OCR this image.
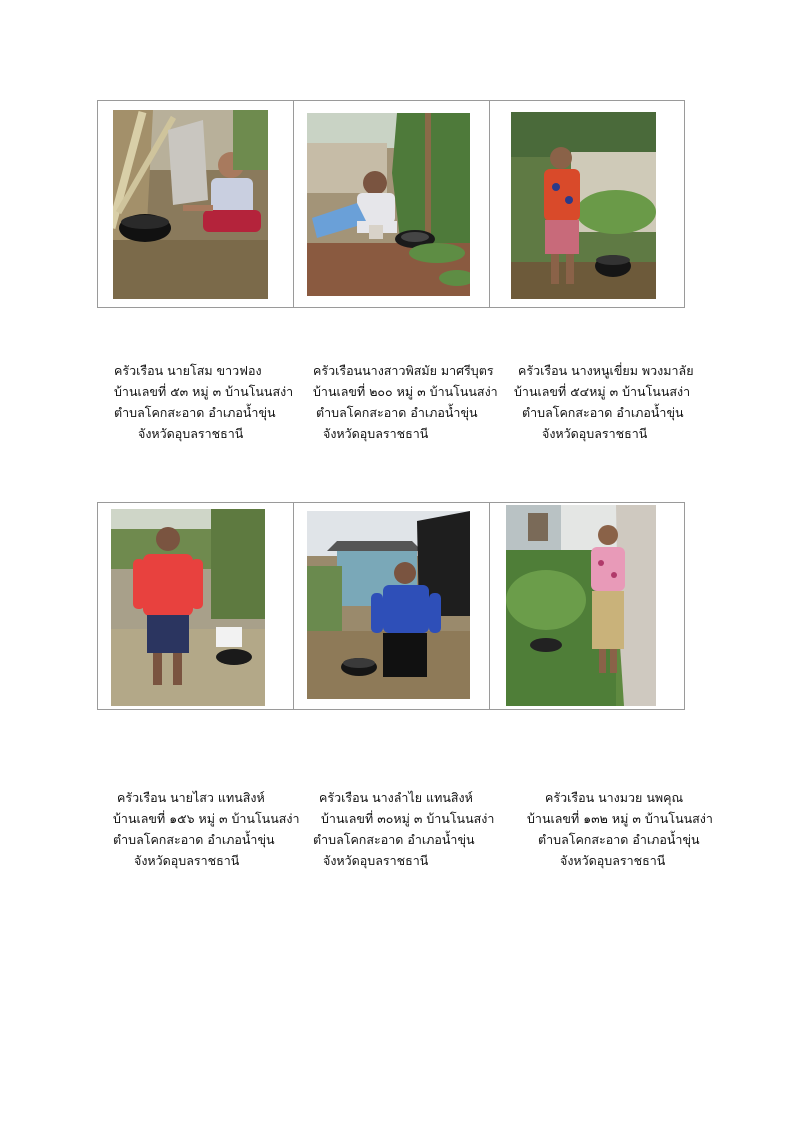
ครัวเรือน นายโสม ขาวฟอง
บ้านเลขที่ ๕๓ หมู่ ๓ บ้านโนนสง่า
ตำบลโคกสะอาด อำเภอน้ำขุ่น
จังหวัดอุบลราชธานี
ครัวเรือนนางสาวพิสมัย มาศรีบุตร
บ้านเลขที่ ๒๐๐ หมู่ ๓ บ้านโนนสง่า
ตำบลโคกสะอาด อำเภอน้ำขุ่น
จังหวัดอุบลราชธานี
ครัวเรือน นางหนูเขี่ยม พวงมาลัย
บ้านเลขที่ ๕๔หมู่ ๓ บ้านโนนสง่า
ตำบลโคกสะอาด อำเภอน้ำขุ่น
จังหวัดอุบลราชธานี
ครัวเรือน นายไสว แทนสิงห์
บ้านเลขที่ ๑๕๖ หมู่ ๓ บ้านโนนสง่า
ตำบลโคกสะอาด อำเภอน้ำขุ่น
จังหวัดอุบลราชธานี
ครัวเรือน นางลำไย แทนสิงห์
บ้านเลขที่ ๓๐หมู่ ๓ บ้านโนนสง่า
ตำบลโคกสะอาด อำเภอน้ำขุ่น
จังหวัดอุบลราชธานี
ครัวเรือน นางมวย นพคุณ
บ้านเลขที่ ๑๓๒ หมู่ ๓ บ้านโนนสง่า
ตำบลโคกสะอาด อำเภอน้ำขุ่น
จังหวัดอุบลราชธานี
